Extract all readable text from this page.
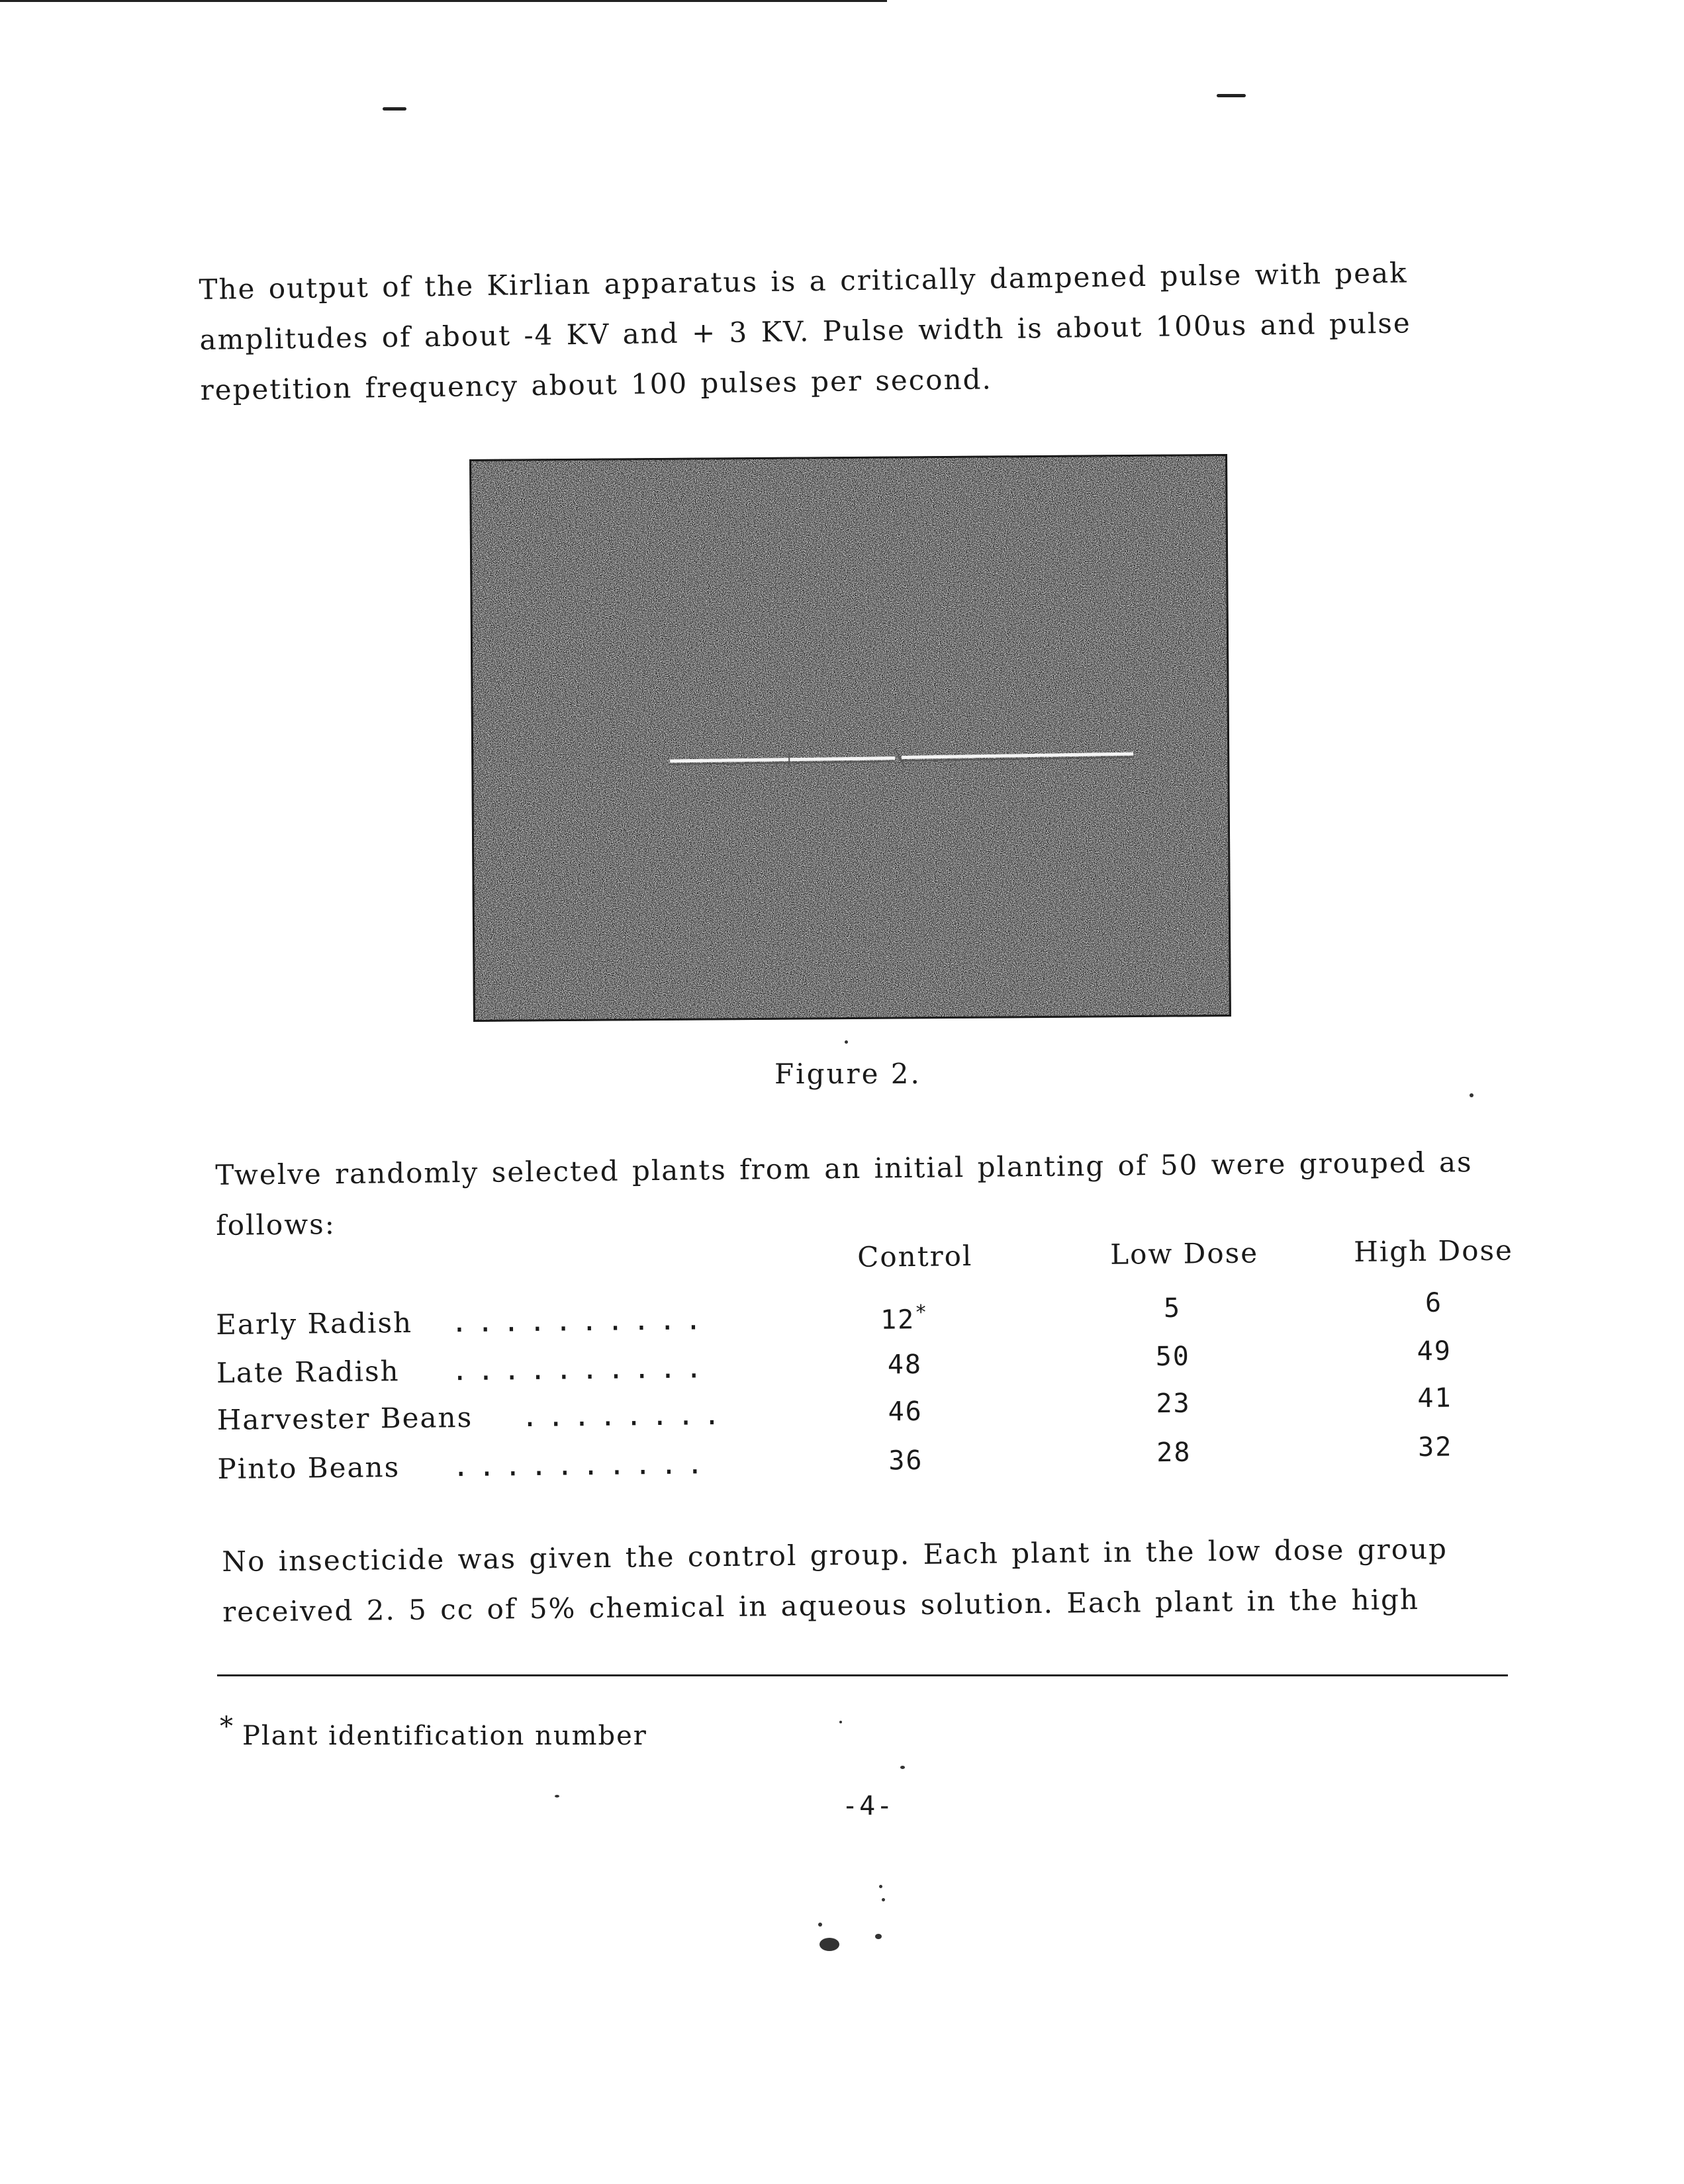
The output of the Kirlian apparatus is a critically dampened pulse with peak
amplitudes of about -4 KV and + 3 KV. Pulse width is about 100us and pulse
repetition frequency about 100 pulses per second.

Figure 2.

Twelve randomly selected plants from an initial planting of 50 were grouped as
follows:

Control	Low Dose	High Dose
Early Radish ..........	12*	5	6
Late Radish ..........	48	50	49
Harvester Beans ........	46	23	41
Pinto Beans ..........	36	28	32

No insecticide was given the control group. Each plant in the low dose group
received 2. 5 cc of 5% chemical in aqueous solution. Each plant in the high

* Plant identification number
-4-
